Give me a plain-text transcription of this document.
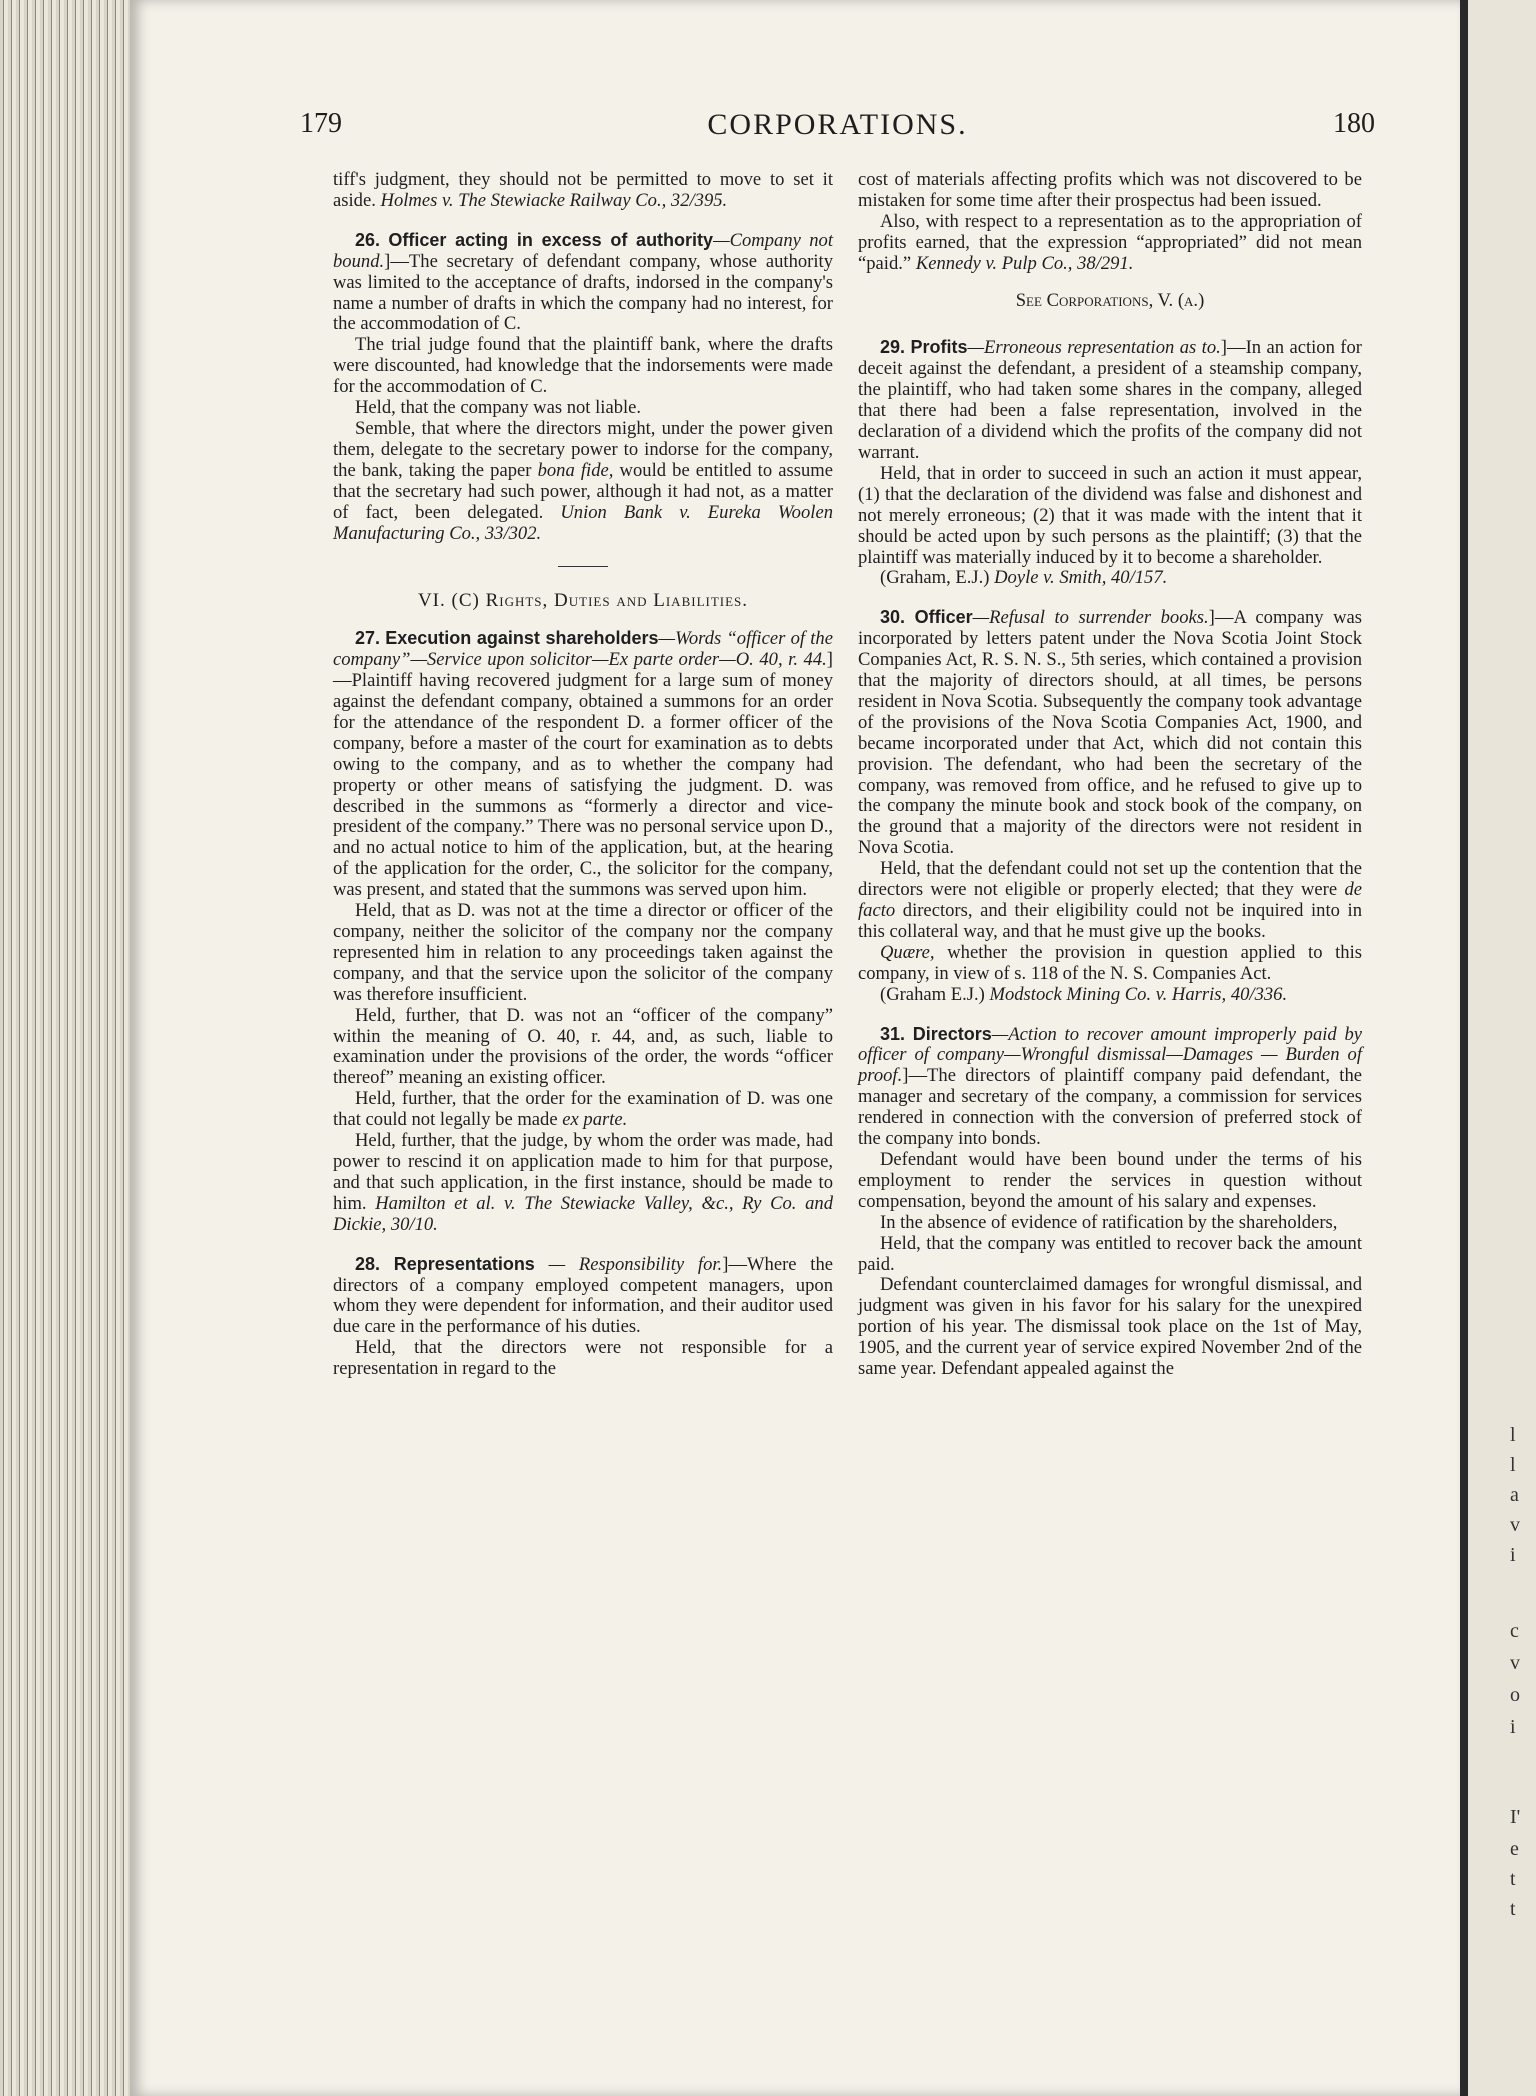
l
l
a
v
i
c
v
o
i
I'
e
t
t
179	CORPORATIONS.	180

tiff's judgment, they should not be permitted to move to set it aside. Holmes v. The Stewiacke Railway Co., 32/395.

26. Officer acting in excess of authority—Company not bound.]—The secretary of defendant company, whose authority was limited to the acceptance of drafts, indorsed in the company's name a number of drafts in which the company had no interest, for the accommodation of C.

The trial judge found that the plaintiff bank, where the drafts were discounted, had knowledge that the indorsements were made for the accommodation of C.

Held, that the company was not liable.

Semble, that where the directors might, under the power given them, delegate to the secretary power to indorse for the company, the bank, taking the paper bona fide, would be entitled to assume that the secretary had such power, although it had not, as a matter of fact, been delegated. Union Bank v. Eureka Woolen Manufacturing Co., 33/302.

VI. (C) Rights, Duties and Liabilities.

27. Execution against shareholders—Words “officer of the company”—Service upon solicitor—Ex parte order—O. 40, r. 44.]—Plaintiff having recovered judgment for a large sum of money against the defendant company, obtained a summons for an order for the attendance of the respondent D. a former officer of the company, before a master of the court for examination as to debts owing to the company, and as to whether the company had property or other means of satisfying the judgment. D. was described in the summons as “formerly a director and vice-president of the company.” There was no personal service upon D., and no actual notice to him of the application, but, at the hearing of the application for the order, C., the solicitor for the company, was present, and stated that the summons was served upon him.

Held, that as D. was not at the time a director or officer of the company, neither the solicitor of the company nor the company represented him in relation to any proceedings taken against the company, and that the service upon the solicitor of the company was therefore insufficient.

Held, further, that D. was not an “officer of the company” within the meaning of O. 40, r. 44, and, as such, liable to examination under the provisions of the order, the words “officer thereof” meaning an existing officer.

Held, further, that the order for the examination of D. was one that could not legally be made ex parte.

Held, further, that the judge, by whom the order was made, had power to rescind it on application made to him for that purpose, and that such application, in the first instance, should be made to him. Hamilton et al. v. The Stewiacke Valley, &c., Ry Co. and Dickie, 30/10.

28. Representations — Responsibility for.]—Where the directors of a company employed competent managers, upon whom they were dependent for information, and their auditor used due care in the performance of his duties.

Held, that the directors were not responsible for a representation in regard to the

cost of materials affecting profits which was not discovered to be mistaken for some time after their prospectus had been issued.

Also, with respect to a representation as to the appropriation of profits earned, that the expression “appropriated” did not mean “paid.” Kennedy v. Pulp Co., 38/291.

See Corporations, V. (a.)

29. Profits—Erroneous representation as to.]—In an action for deceit against the defendant, a president of a steamship company, the plaintiff, who had taken some shares in the company, alleged that there had been a false representation, involved in the declaration of a dividend which the profits of the company did not warrant.

Held, that in order to succeed in such an action it must appear, (1) that the declaration of the dividend was false and dishonest and not merely erroneous; (2) that it was made with the intent that it should be acted upon by such persons as the plaintiff; (3) that the plaintiff was materially induced by it to become a shareholder.

(Graham, E.J.) Doyle v. Smith, 40/157.

30. Officer—Refusal to surrender books.]—A company was incorporated by letters patent under the Nova Scotia Joint Stock Companies Act, R. S. N. S., 5th series, which contained a provision that the majority of directors should, at all times, be persons resident in Nova Scotia. Subsequently the company took advantage of the provisions of the Nova Scotia Companies Act, 1900, and became incorporated under that Act, which did not contain this provision. The defendant, who had been the secretary of the company, was removed from office, and he refused to give up to the company the minute book and stock book of the company, on the ground that a majority of the directors were not resident in Nova Scotia.

Held, that the defendant could not set up the contention that the directors were not eligible or properly elected; that they were de facto directors, and their eligibility could not be inquired into in this collateral way, and that he must give up the books.

Quære, whether the provision in question applied to this company, in view of s. 118 of the N. S. Companies Act.

(Graham E.J.) Modstock Mining Co. v. Harris, 40/336.

31. Directors—Action to recover amount improperly paid by officer of company—Wrongful dismissal—Damages — Burden of proof.]—The directors of plaintiff company paid defendant, the manager and secretary of the company, a commission for services rendered in connection with the conversion of preferred stock of the company into bonds.

Defendant would have been bound under the terms of his employment to render the services in question without compensation, beyond the amount of his salary and expenses.

In the absence of evidence of ratification by the shareholders,

Held, that the company was entitled to recover back the amount paid.

Defendant counterclaimed damages for wrongful dismissal, and judgment was given in his favor for his salary for the unexpired portion of his year. The dismissal took place on the 1st of May, 1905, and the current year of service expired November 2nd of the same year. Defendant appealed against the
